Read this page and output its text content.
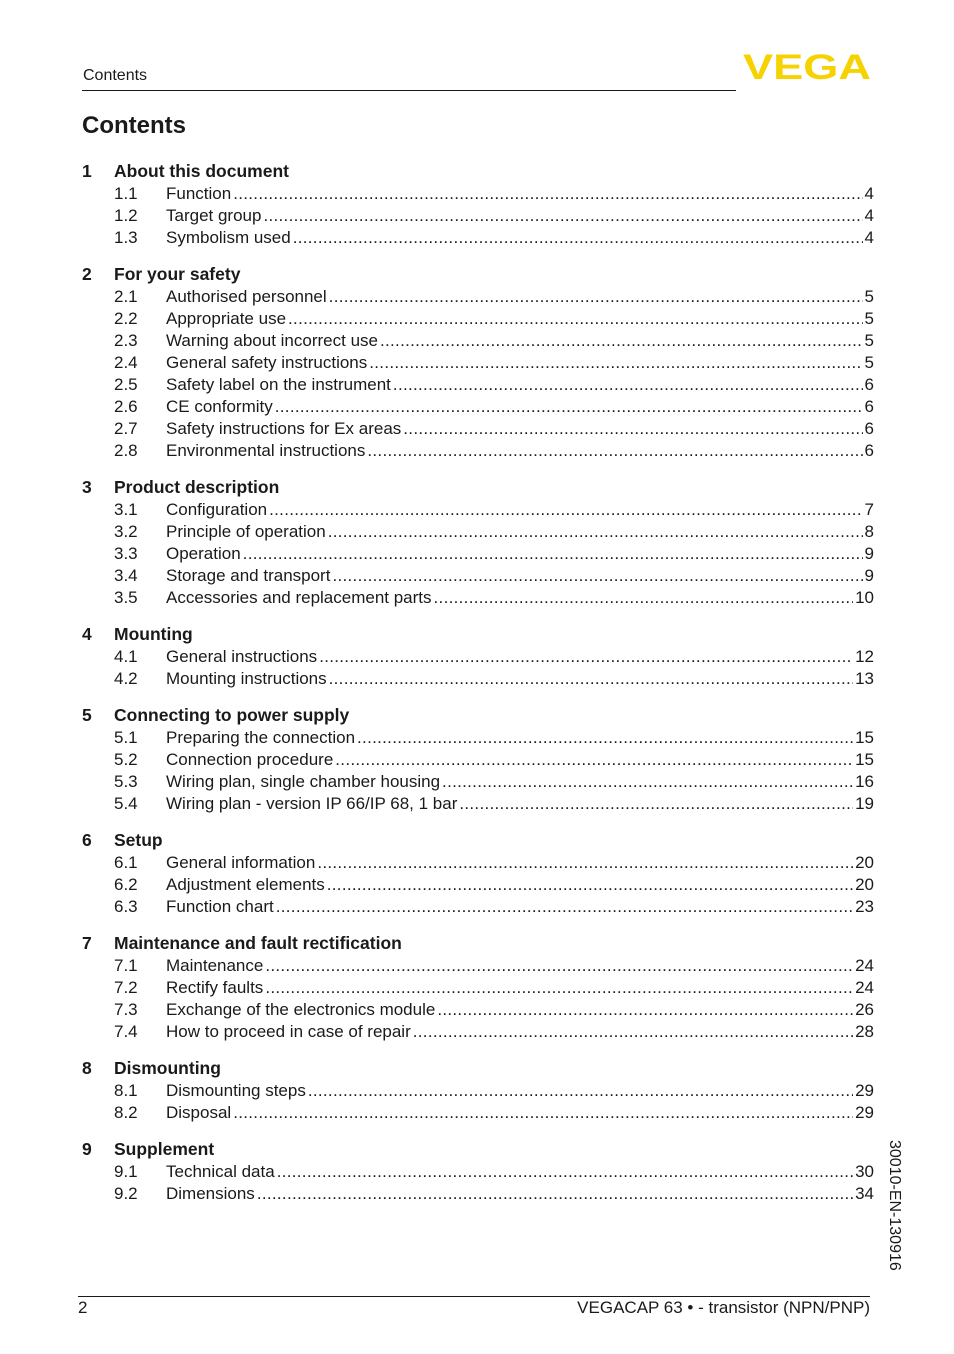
Contents	VEGA
Contents
1	About this document
1.1	Function .....	4
1.2	Target group .....	4
1.3	Symbolism used .....	4
2	For your safety
2.1	Authorised personnel .....	5
2.2	Appropriate use .....	5
2.3	Warning about incorrect use .....	5
2.4	General safety instructions .....	5
2.5	Safety label on the instrument .....	6
2.6	CE conformity .....	6
2.7	Safety instructions for Ex areas .....	6
2.8	Environmental instructions .....	6
3	Product description
3.1	Configuration .....	7
3.2	Principle of operation .....	8
3.3	Operation .....	9
3.4	Storage and transport .....	9
3.5	Accessories and replacement parts .....	10
4	Mounting
4.1	General instructions .....	12
4.2	Mounting instructions .....	13
5	Connecting to power supply
5.1	Preparing the connection .....	15
5.2	Connection procedure .....	15
5.3	Wiring plan, single chamber housing .....	16
5.4	Wiring plan - version IP 66/IP 68, 1 bar .....	19
6	Setup
6.1	General information .....	20
6.2	Adjustment elements .....	20
6.3	Function chart .....	23
7	Maintenance and fault rectification
7.1	Maintenance .....	24
7.2	Rectify faults .....	24
7.3	Exchange of the electronics module .....	26
7.4	How to proceed in case of repair .....	28
8	Dismounting
8.1	Dismounting steps .....	29
8.2	Disposal .....	29
9	Supplement
9.1	Technical data .....	30
9.2	Dimensions .....	34 30010-EN-130916
2	VEGACAP 63 • - transistor (NPN/PNP)
